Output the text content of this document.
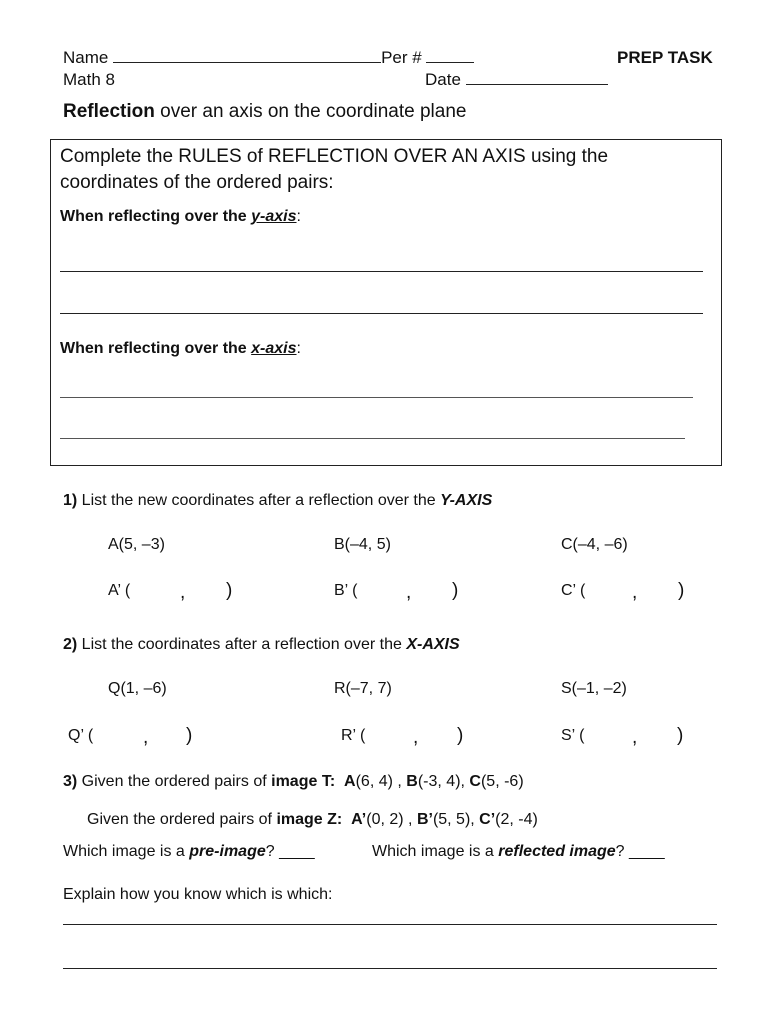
Name	Per #	PREP TASK
Math 8	Date
Reflection over an axis on the coordinate plane
Complete the RULES of REFLECTION OVER AN AXIS using the
coordinates of the ordered pairs:
When reflecting over the y-axis:
When reflecting over the x-axis:
1) List the new coordinates after a reflection over the Y-AXIS
A(5, –3)	B(–4, 5)	C(–4, –6)
A’ (	, )	B’ (	, )	C’ ( , )
2) List the coordinates after a reflection over the X-AXIS
Q(1, –6)	R(–7, 7)	S(–1, –2)
Q’ (	, )	R’ (	, )	S’ (	, )
3) Given the ordered pairs of image T: A(6, 4) , B(-3, 4), C(5, -6)
Given the ordered pairs of image Z: A’(0, 2) , B’(5, 5), C’(2, -4)
Which image is a pre-image? ____	Which image is a reflected image? ____
Explain how you know which is which:
